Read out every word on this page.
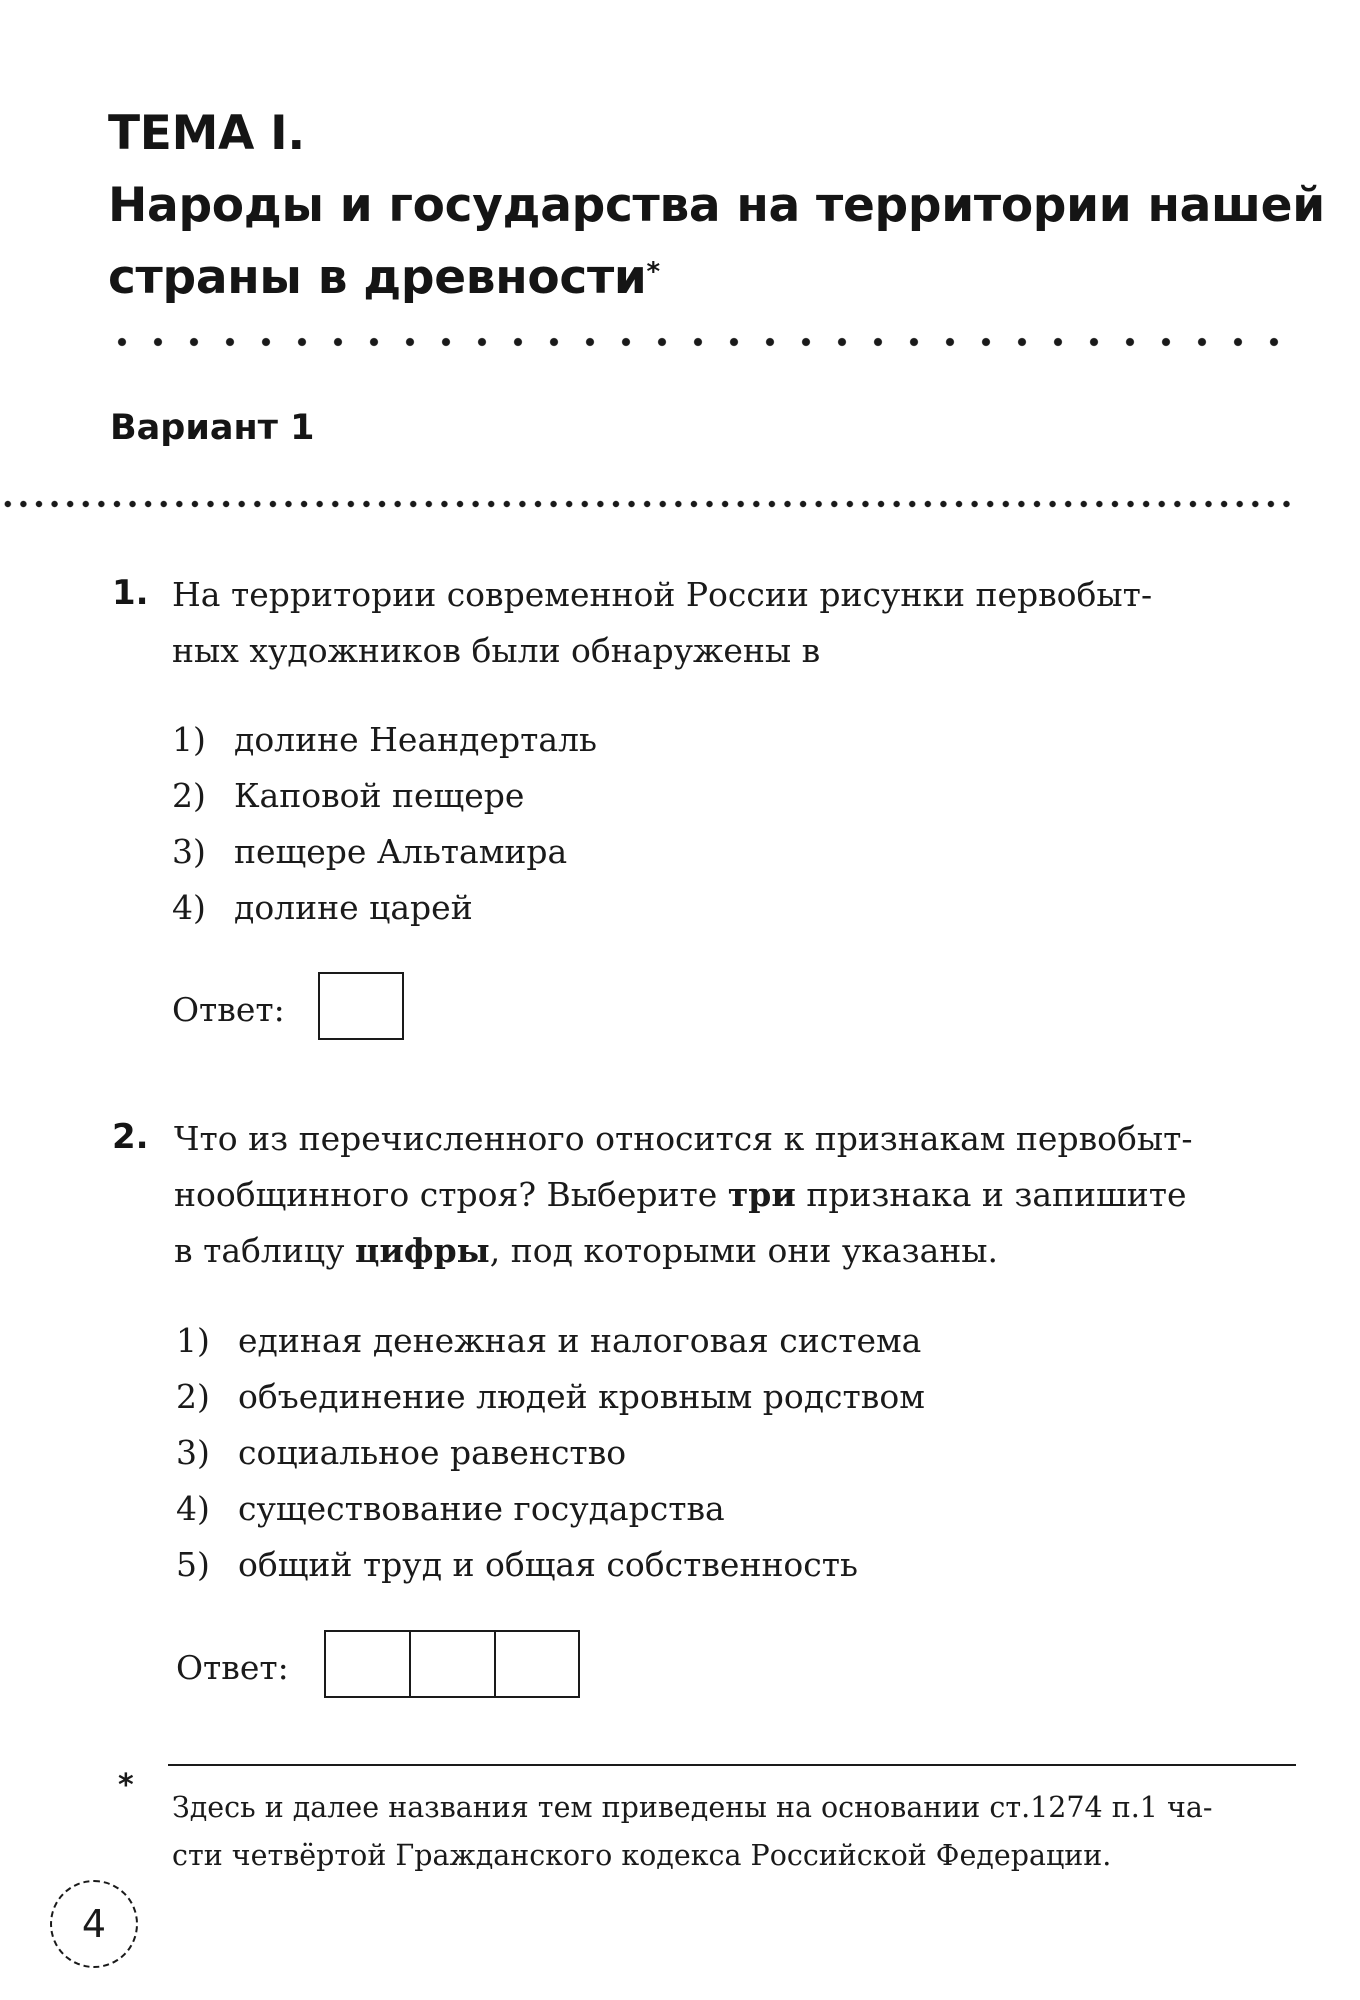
ТЕМА I.
Народы и государства на территории нашей
страны в древности*
Вариант 1
1. На территории современной России рисунки первобыт-
ных художников были обнаружены в
1) долине Неандерталь
2) Каповой пещере
3) пещере Альтамира
4) долине царей
Ответ:
2. Что из перечисленного относится к признакам первобыт-
нообщинного строя? Выберите три признака и запишите
в таблицу цифры, под которыми они указаны.
1) единая денежная и налоговая система
2) объединение людей кровным родством
3) социальное равенство
4) существование государства
5) общий труд и общая собственность
Ответ:
*
Здесь и далее названия тем приведены на основании ст.1274 п.1 ча-
сти четвёртой Гражданского кодекса Российской Федерации.
4
